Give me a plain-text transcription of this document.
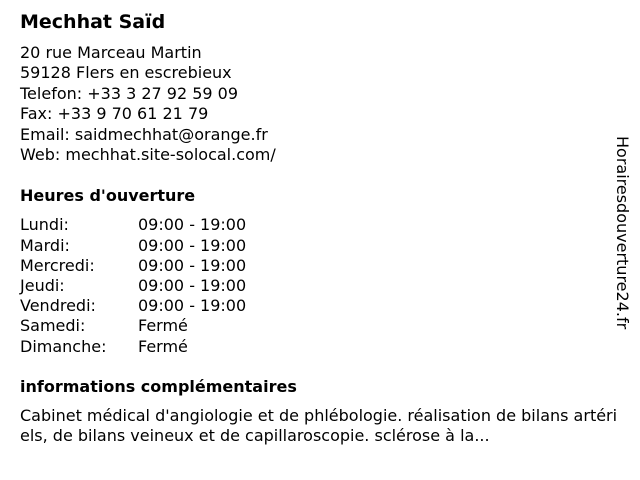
Mechhat Saïd
20 rue Marceau Martin
59128 Flers en escrebieux
Telefon: +33 3 27 92 59 09
Fax: +33 9 70 61 21 79
Email: saidmechhat@orange.fr
Web: mechhat.site-solocal.com/
Heures d'ouverture
Lundi:	09:00 - 19:00
Mardi:	09:00 - 19:00
Mercredi:	09:00 - 19:00
Jeudi:	09:00 - 19:00
Vendredi:	09:00 - 19:00
Samedi:	Fermé
Dimanche:	Fermé
informations complémentaires
Cabinet médical d'angiologie et de phlébologie. réalisation de bilans artériels, de bilans veineux et de capillaroscopie. sclérose à la...
Horairesdouverture24.fr
